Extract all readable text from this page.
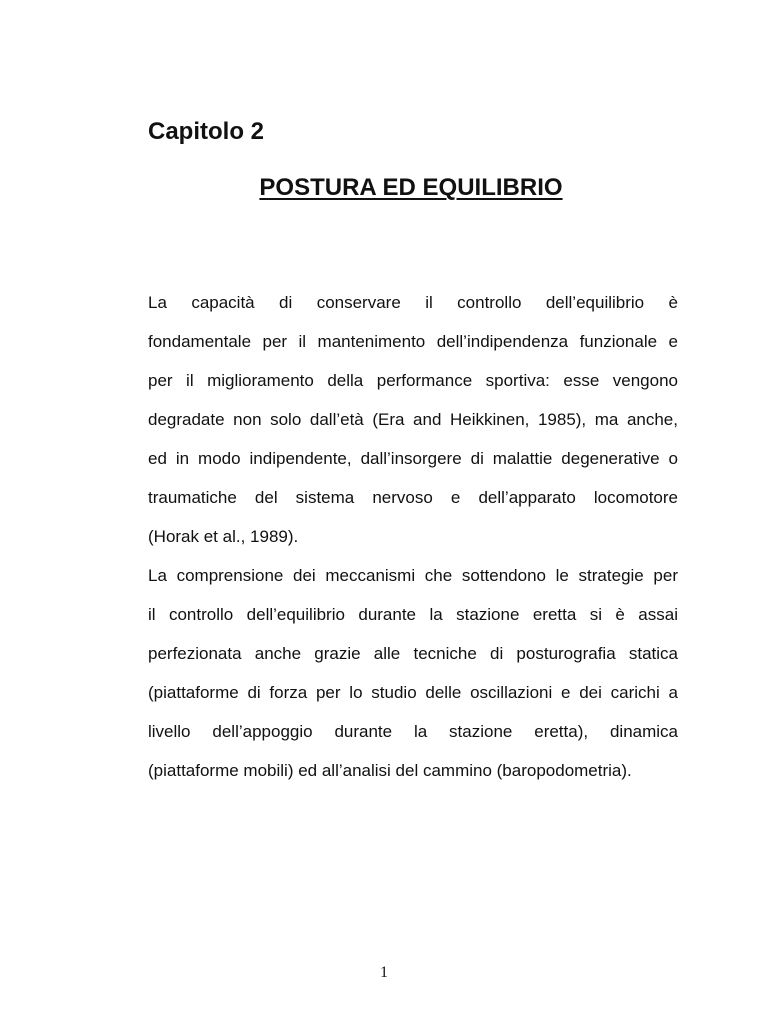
Capitolo 2
POSTURA ED EQUILIBRIO
La capacità di conservare il controllo dell’equilibrio è
fondamentale per il mantenimento dell’indipendenza funzionale e
per il miglioramento della performance sportiva: esse vengono
degradate non solo dall’età (Era and Heikkinen, 1985), ma anche,
ed in modo indipendente, dall’insorgere di malattie degenerative o
traumatiche del sistema nervoso e dell’apparato locomotore
(Horak et al., 1989).
La comprensione dei meccanismi che sottendono le strategie per
il controllo dell’equilibrio durante la stazione eretta si è assai
perfezionata anche grazie alle tecniche di posturografia statica
(piattaforme di forza per lo studio delle oscillazioni e dei carichi a
livello dell’appoggio durante la stazione eretta), dinamica
(piattaforme mobili) ed all’analisi del cammino (baropodometria).
1
